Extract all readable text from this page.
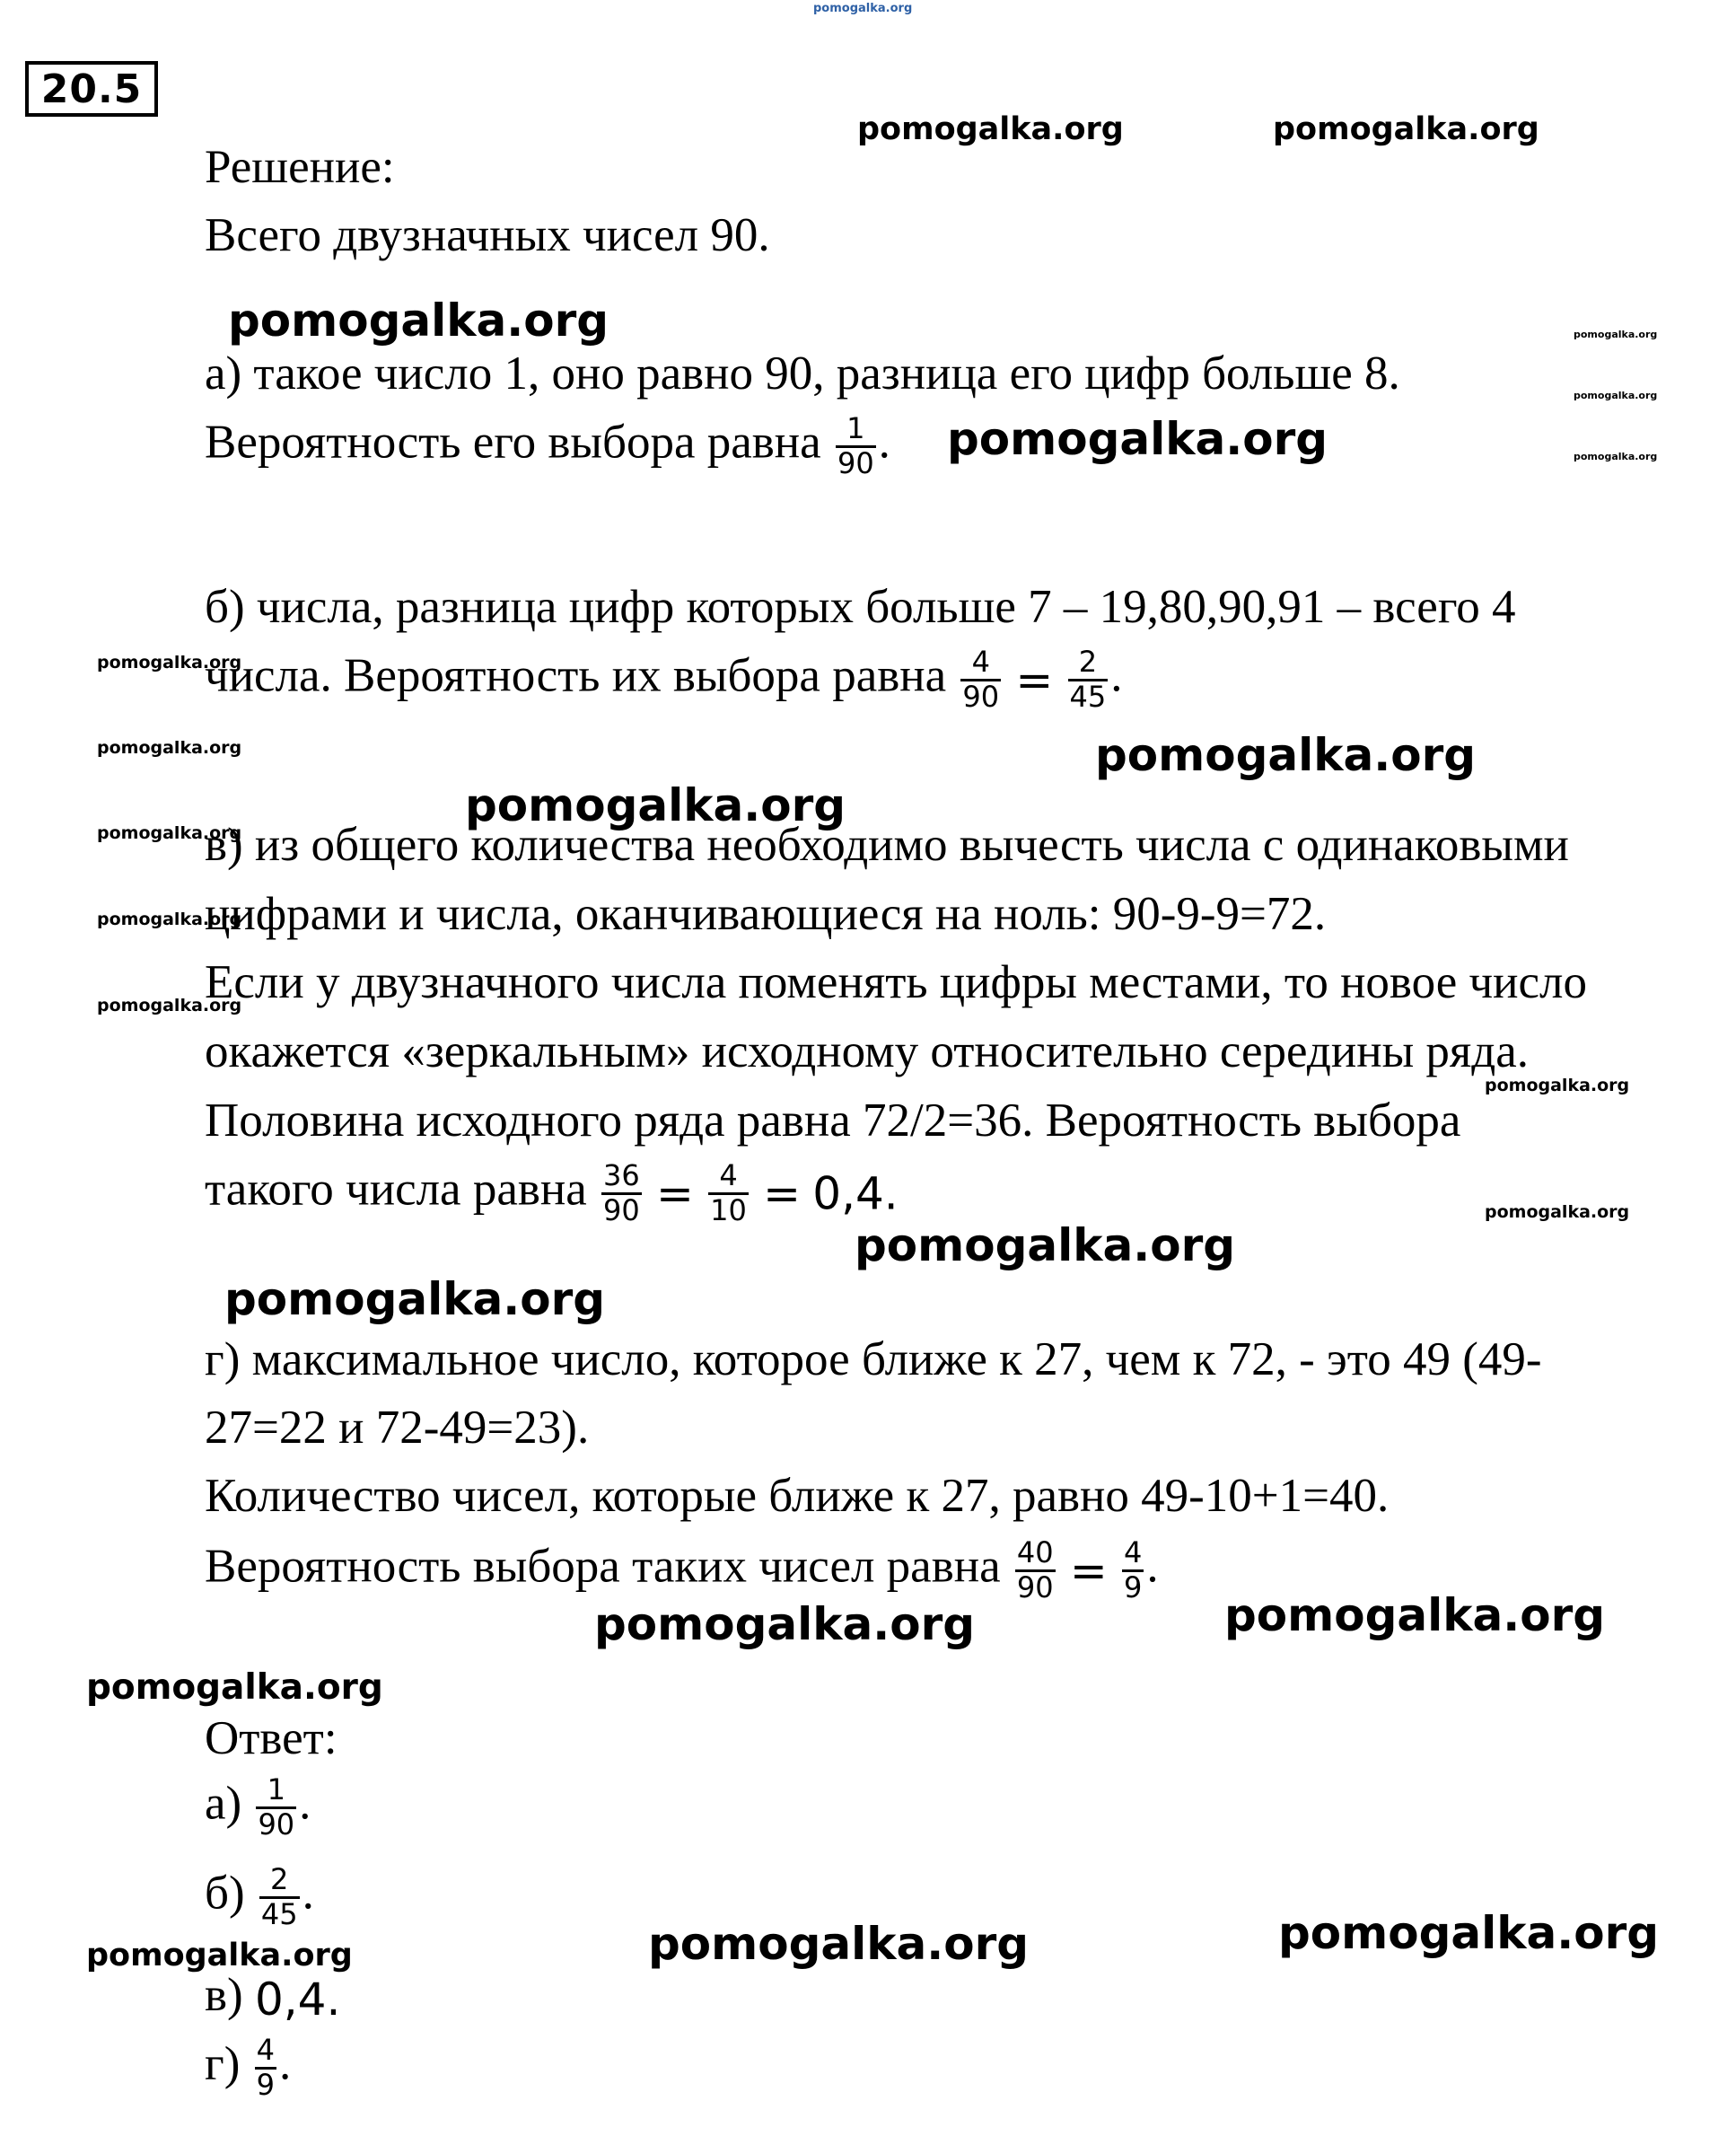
pomogalka.org
pomogalka.org	pomogalka.org
pomogalka.org	pomogalka.org
pomogalka.org
pomogalka.org
pomogalka.org
pomogalka.org
pomogalka.org
pomogalka.org
pomogalka.org
pomogalka.org
pomogalka.org
pomogalka.org
pomogalka.org
pomogalka.org
pomogalka.org
pomogalka.org
pomogalka.org	pomogalka.org
pomogalka.org
pomogalka.org	pomogalka.org
pomogalka.org
20.5
Решение:
Всего двузначных чисел 90.
а) такое число 1, оно равно 90, разница его цифр больше 8.
Вероятность его выбора равна $\frac{1}{90}$ .
б) числа, разница цифр которых больше 7 – 19,80,90,91 – всего 4
числа. Вероятность их выбора равна $\frac{4}{90} = \frac{2}{45}$ .
в) из общего количества необходимо вычесть числа с одинаковыми
цифрами и числа, оканчивающиеся на ноль: 90-9-9=72.
Если у двузначного числа поменять цифры местами, то новое число
окажется «зеркальным» исходному относительно середины ряда.
Половина исходного ряда равна 72/2=36. Вероятность выбора
такого числа равна $\frac{36}{90} = \frac{4}{10} = 0,4$.
г) максимальное число, которое ближе к 27, чем к 72, - это 49 (49-
27=22 и 72-49=23).
Количество чисел, которые ближе к 27, равно 49-10+1=40.
Вероятность выбора таких чисел равна $\frac{40}{90} = \frac{4}{9}$ .
Ответ:
$а) \frac{1}{90}$ .
$б) \frac{2}{45}$ .
в) 0,4.
$г) \frac{4}{9}$ .
